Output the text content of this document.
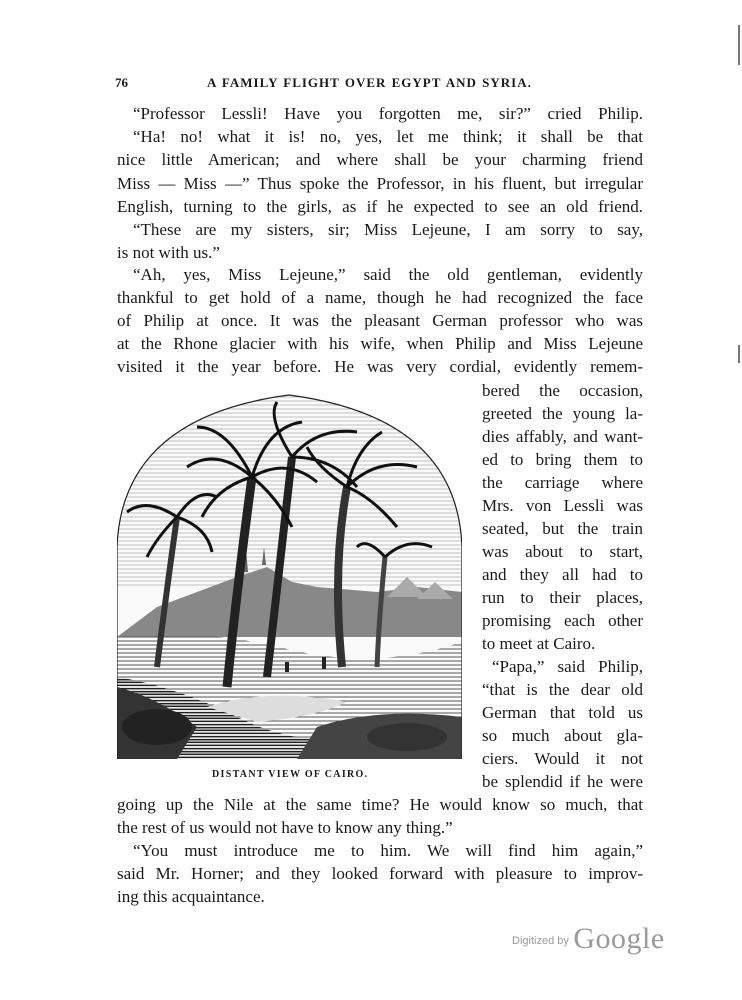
76	A FAMILY FLIGHT OVER EGYPT AND SYRIA.
“Professor Lessli! Have you forgotten me, sir?” cried Philip.
“Ha! no! what it is! no, yes, let me think; it shall be that
nice little American; and where shall be your charming friend
Miss — Miss —” Thus spoke the Professor, in his fluent, but irregular
English, turning to the girls, as if he expected to see an old friend.
“These are my sisters, sir; Miss Lejeune, I am sorry to say,
is not with us.”
“Ah, yes, Miss Lejeune,” said the old gentleman, evidently
thankful to get hold of a name, though he had recognized the face
of Philip at once. It was the pleasant German professor who was
at the Rhone glacier with his wife, when Philip and Miss Lejeune
visited it the year before. He was very cordial, evidently remem-
bered the occasion,
greeted the young la-
dies affably, and want-
ed to bring them to
the carriage where
Mrs. von Lessli was
seated, but the train
was about to start,
and they all had to
run to their places,
promising each other
to meet at Cairo.
“Papa,” said Philip,
“that is the dear old
German that told us
so much about gla-
ciers. Would it not
be splendid if he were
going up the Nile at the same time? He would know so much, that
the rest of us would not have to know any thing.”
“You must introduce me to him. We will find him again,”
said Mr. Horner; and they looked forward with pleasure to improv-
ing this acquaintance.
DISTANT VIEW OF CAIRO.
$^{Digitized by}$ Google
